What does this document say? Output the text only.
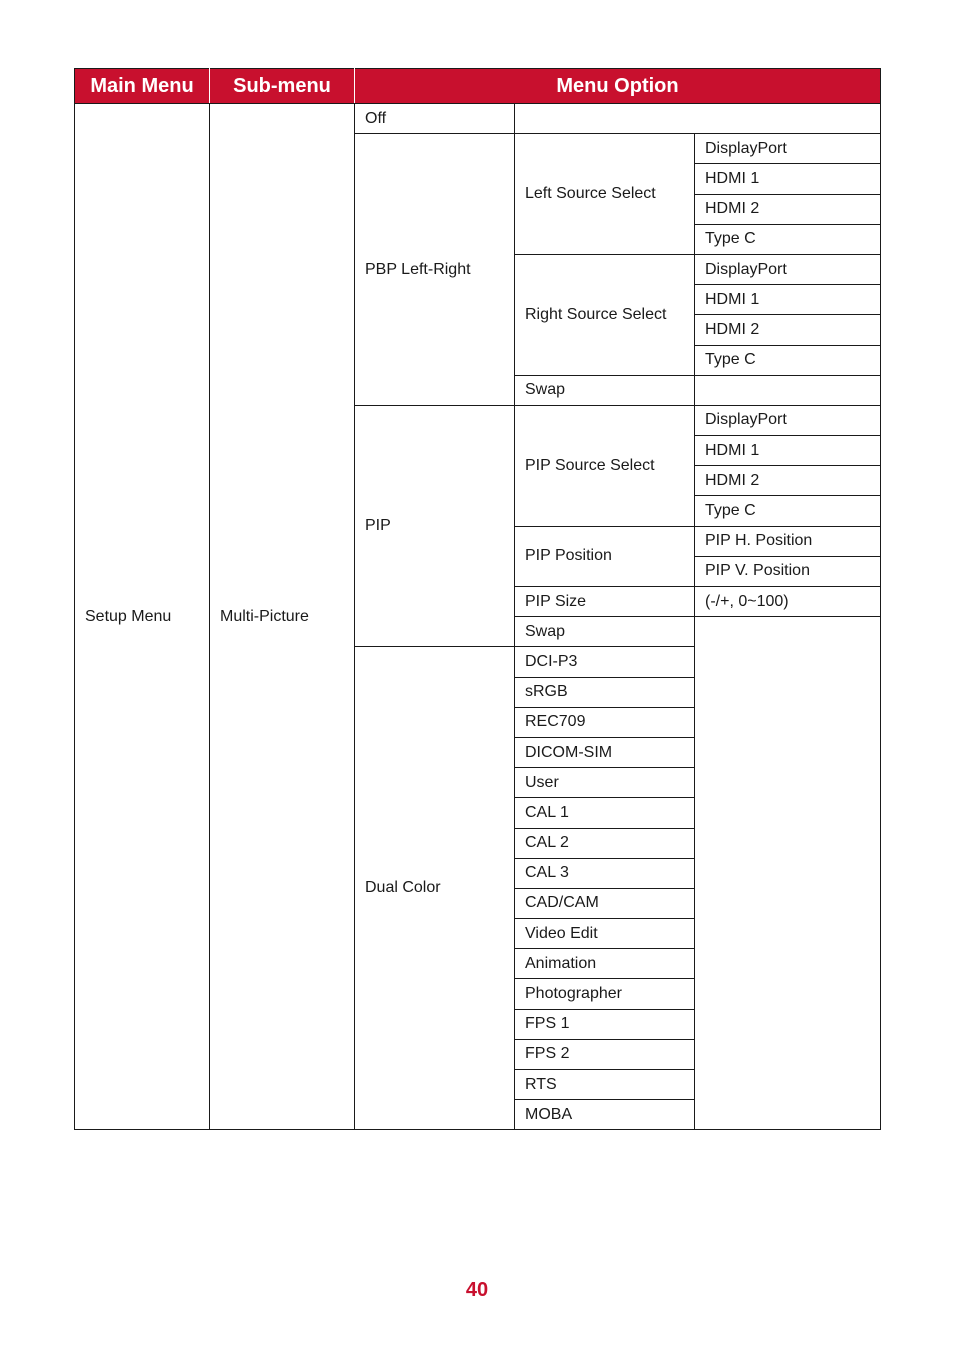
Main Menu	Sub-menu	Menu Option		
Setup Menu	Multi-Picture	Off		
		PBP Left-Right	Left Source Select	DisplayPort
				HDMI 1
				HDMI 2
				Type C
			Right Source Select	DisplayPort
				HDMI 1
				HDMI 2
				Type C
			Swap	
		PIP	PIP Source Select	DisplayPort
				HDMI 1
				HDMI 2
				Type C
			PIP Position	PIP H. Position
				PIP V. Position
			PIP Size	(-/+, 0~100)
			Swap	
		Dual Color	DCI-P3	
			sRGB	
			REC709	
			DICOM-SIM	
			User	
			CAL 1	
			CAL 2	
			CAL 3	
			CAD/CAM	
			Video Edit	
			Animation	
			Photographer	
			FPS 1	
			FPS 2	
			RTS	
			MOBA	
40
